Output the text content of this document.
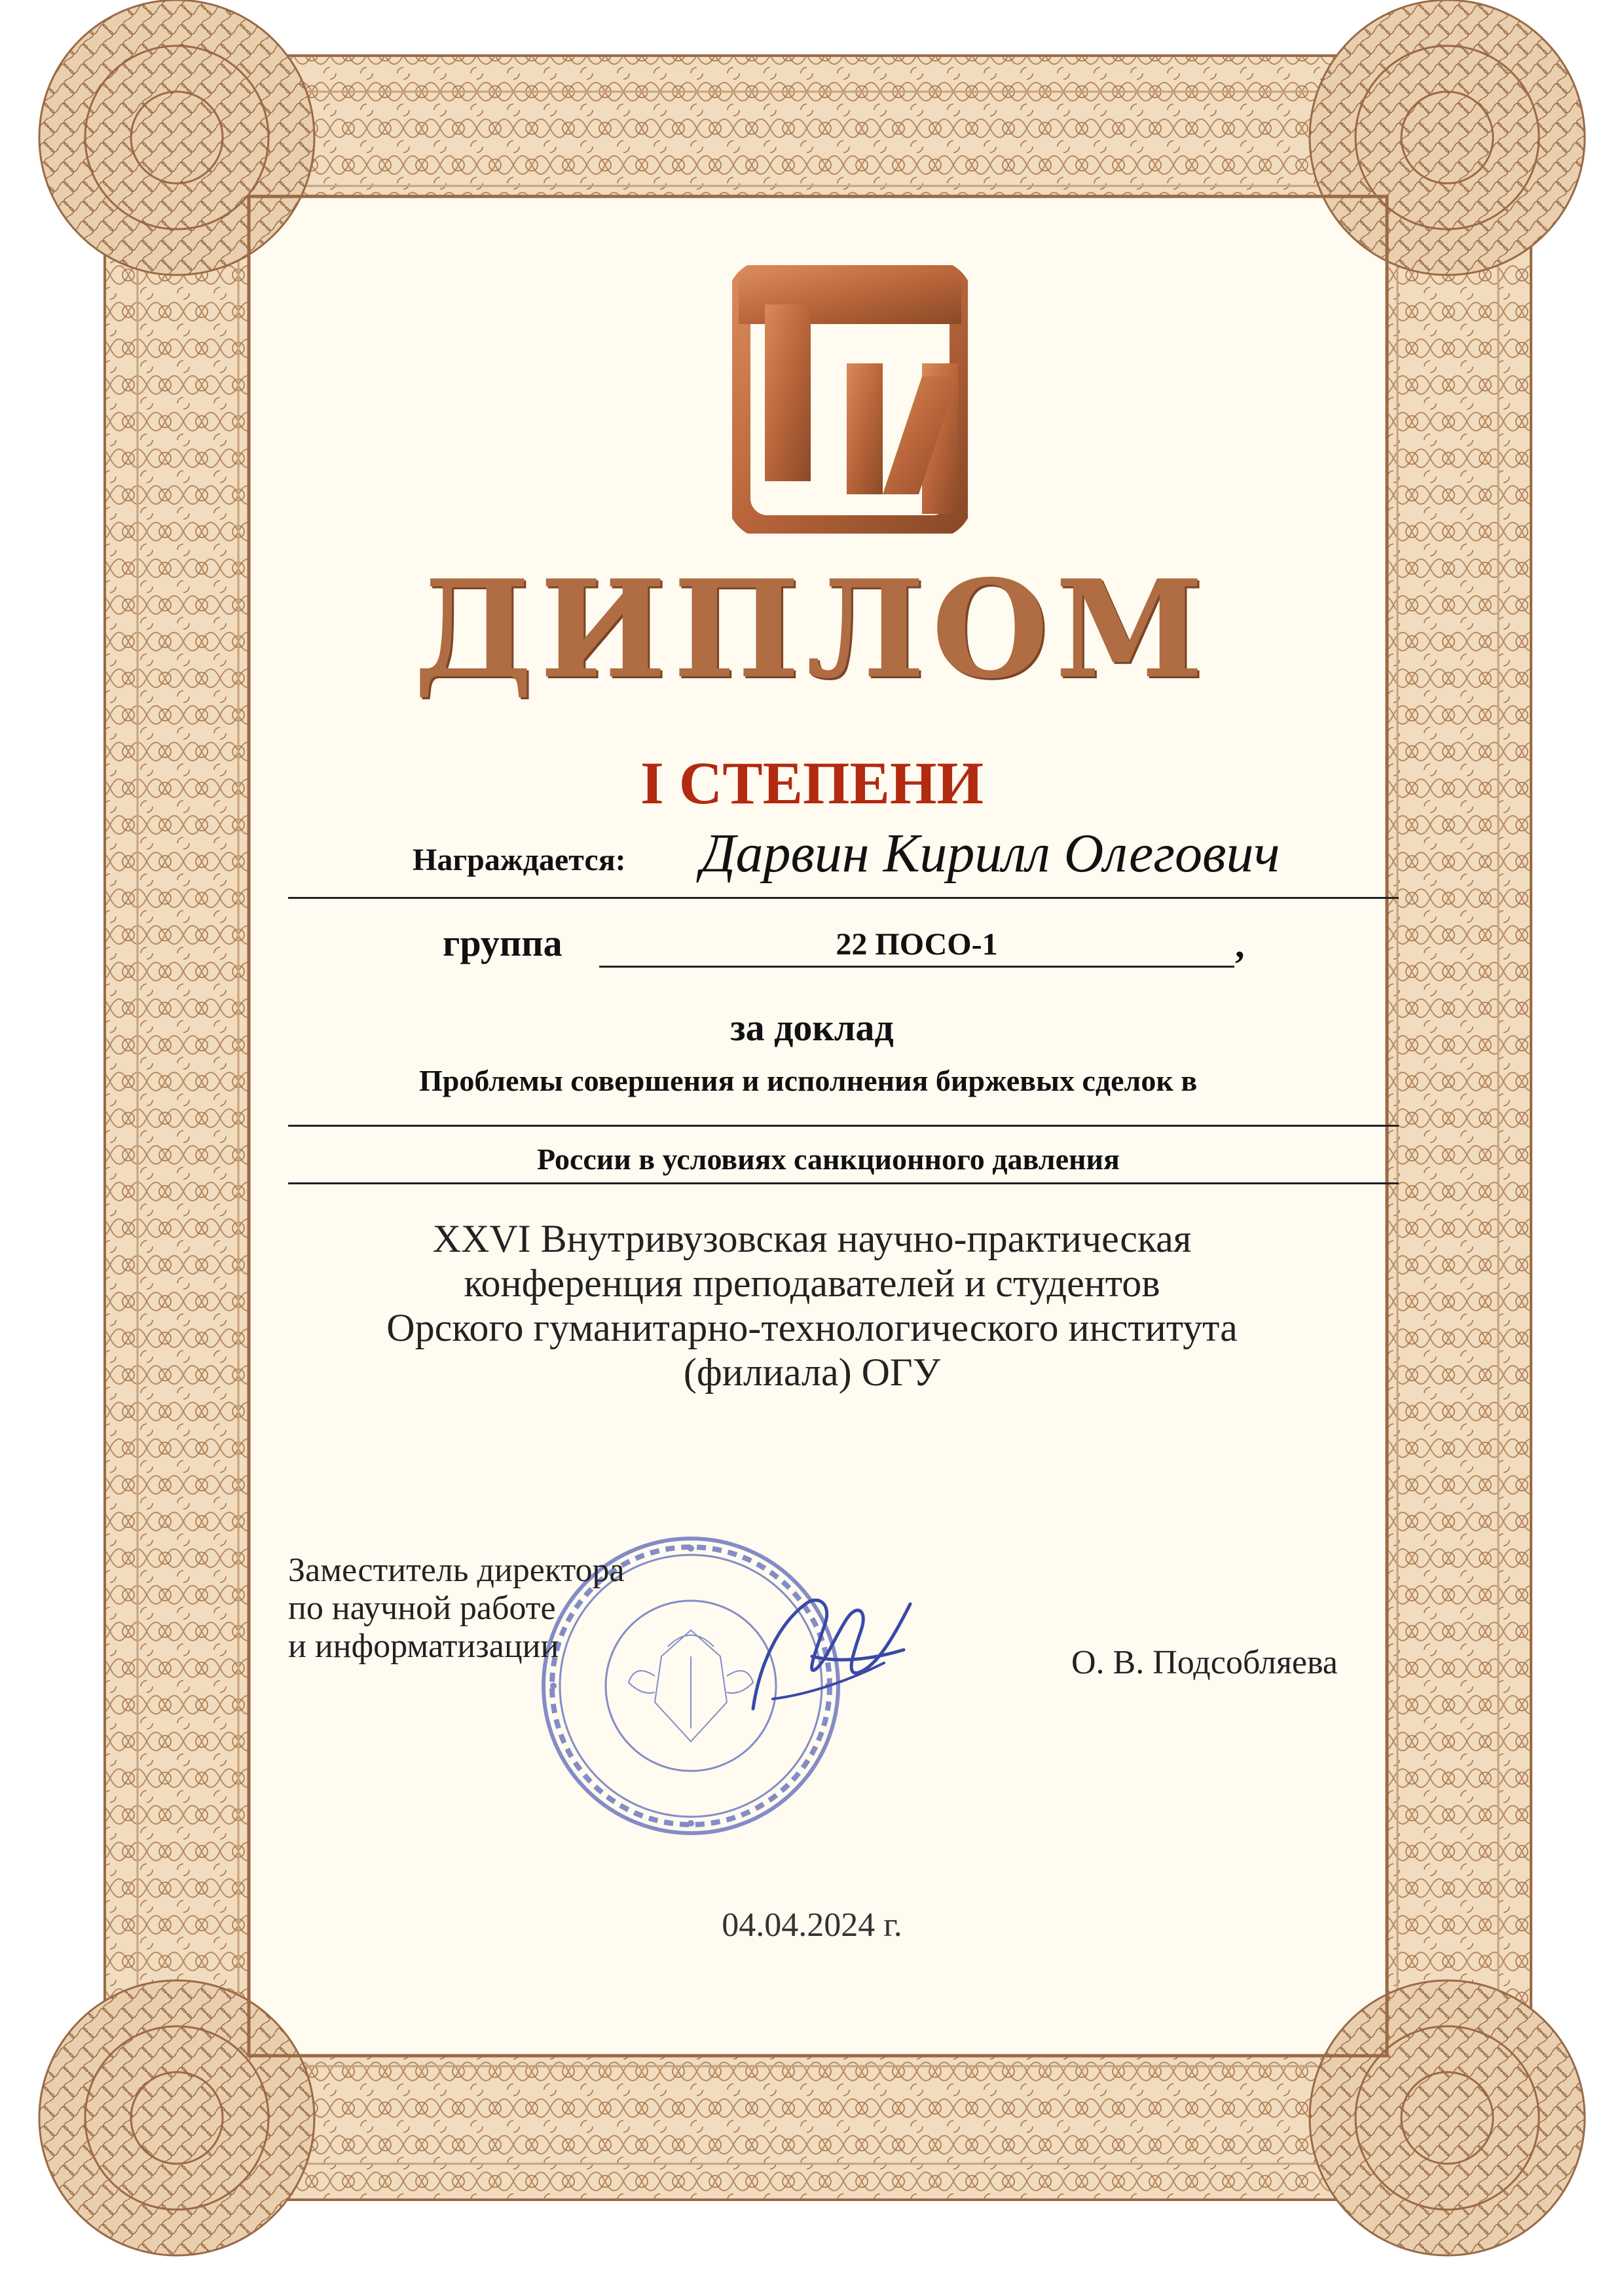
ДИПЛОМ
I СТЕПЕНИ
Награждается: Дарвин Кирилл Олегович
группа	22 ПОСО-1	,
за доклад
Проблемы совершения и исполнения биржевых сделок в
России в условиях санкционного давления
XXVI Внутривузовская научно-практическая
конференция преподавателей и студентов
Орского гуманитарно-технологического института
(филиала) ОГУ
Заместитель директора
по научной работе
и информатизации	О. В. Подсобляева
04.04.2024 г.
